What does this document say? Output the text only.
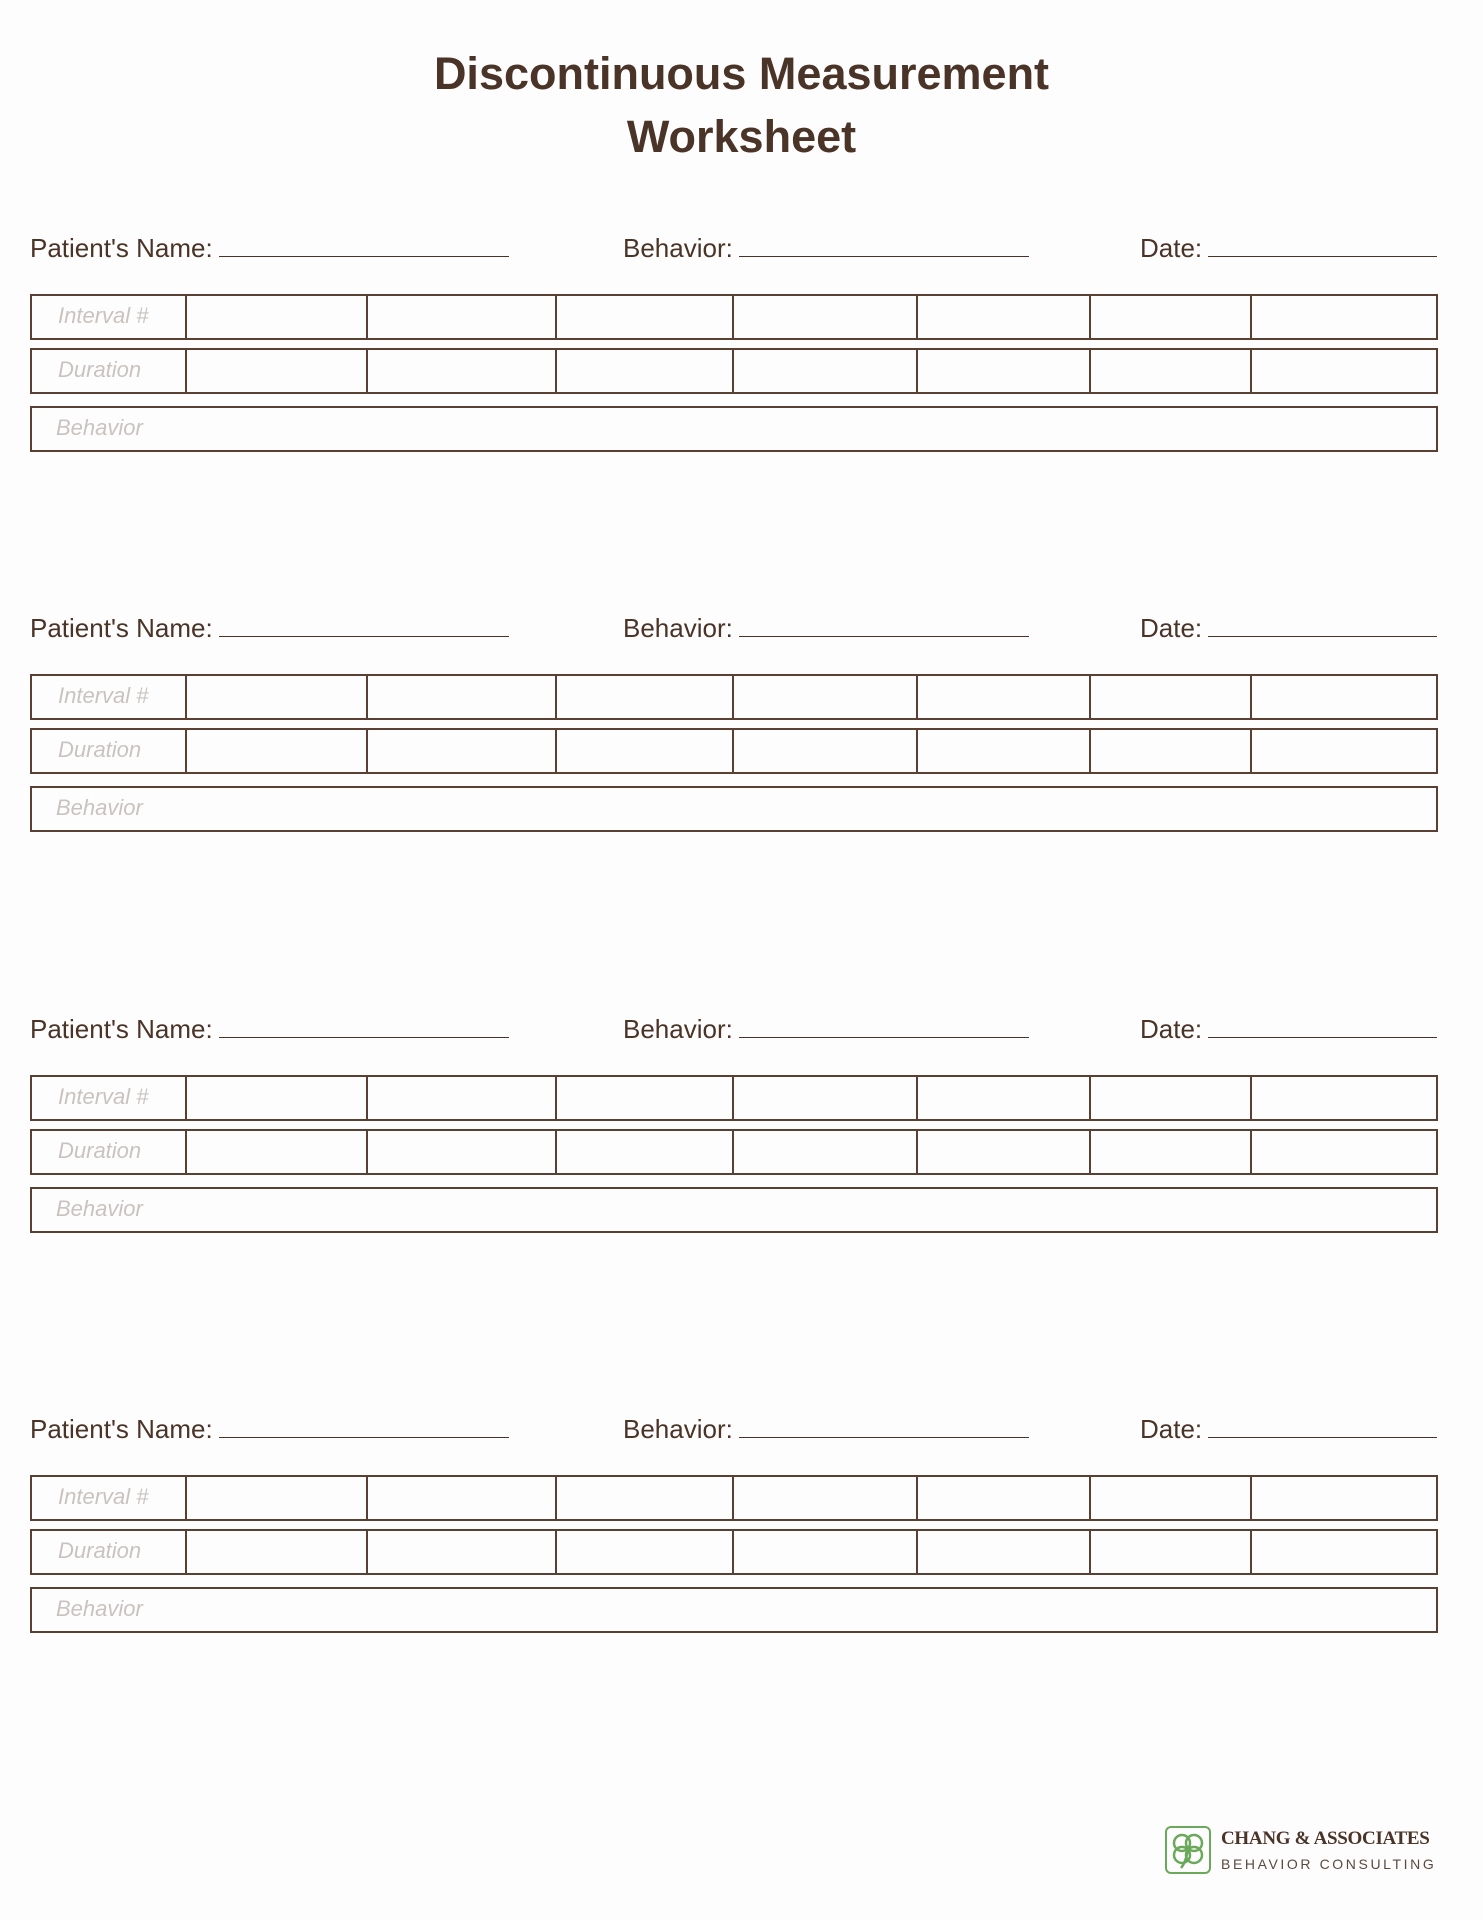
Discontinuous Measurement
Worksheet
Patient's Name:	Behavior:	Date:
Interval #
Duration
Behavior
Patient's Name:	Behavior:	Date:
Interval #
Duration
Behavior
Patient's Name:	Behavior:	Date:
Interval #
Duration
Behavior
Patient's Name:	Behavior:	Date:
Interval #
Duration
Behavior
CHANG & ASSOCIATES
BEHAVIOR CONSULTING
